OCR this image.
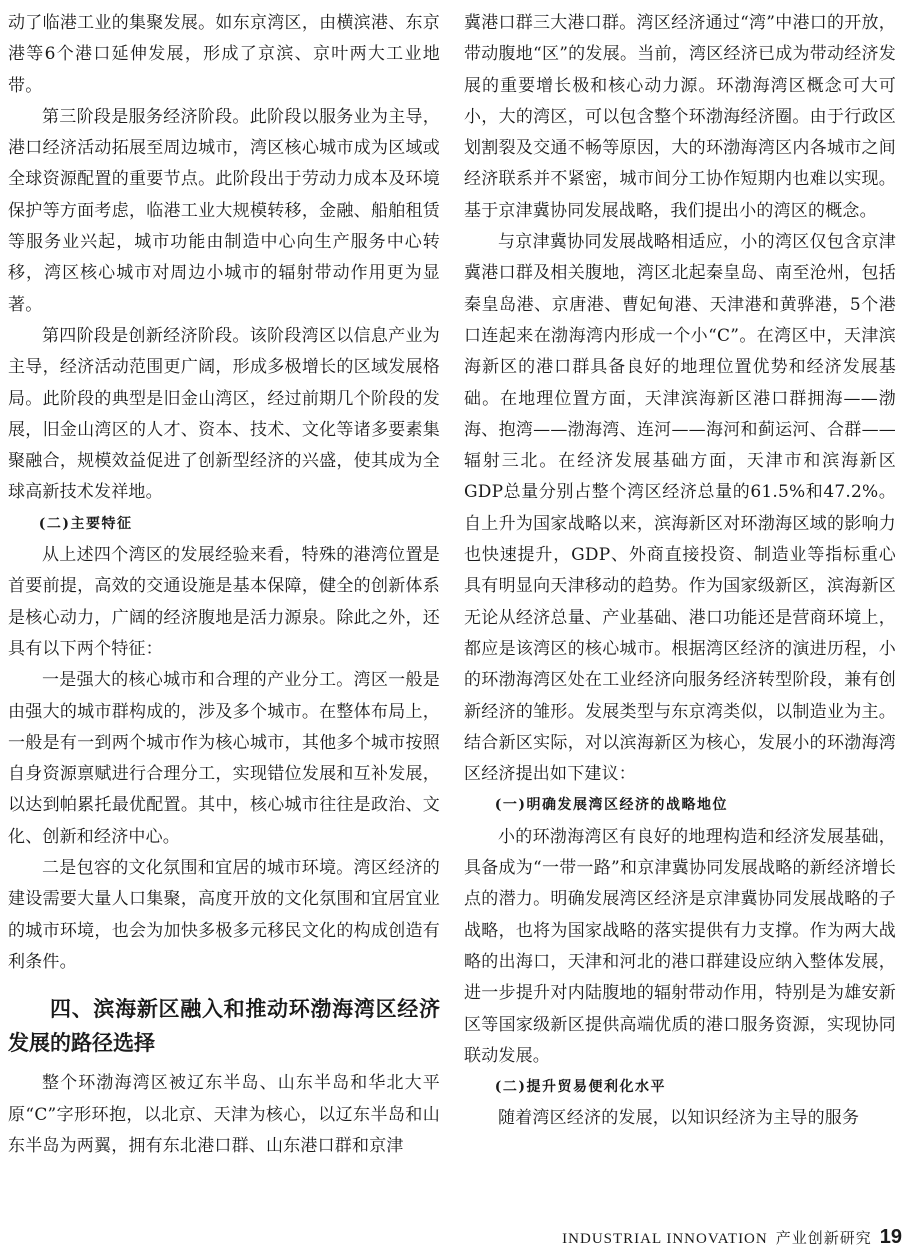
动了临港工业的集聚发展。如东京湾区，由横滨港、东京港等6个港口延伸发展，形成了京滨、京叶两大工业地带。

第三阶段是服务经济阶段。此阶段以服务业为主导，港口经济活动拓展至周边城市，湾区核心城市成为区域或全球资源配置的重要节点。此阶段出于劳动力成本及环境保护等方面考虑，临港工业大规模转移，金融、船舶租赁等服务业兴起，城市功能由制造中心向生产服务中心转移，湾区核心城市对周边小城市的辐射带动作用更为显著。

第四阶段是创新经济阶段。该阶段湾区以信息产业为主导，经济活动范围更广阔，形成多极增长的区域发展格局。此阶段的典型是旧金山湾区，经过前期几个阶段的发展，旧金山湾区的人才、资本、技术、文化等诸多要素集聚融合，规模效益促进了创新型经济的兴盛，使其成为全球高新技术发祥地。

(二)主要特征

从上述四个湾区的发展经验来看，特殊的港湾位置是首要前提，高效的交通设施是基本保障，健全的创新体系是核心动力，广阔的经济腹地是活力源泉。除此之外，还具有以下两个特征：

一是强大的核心城市和合理的产业分工。湾区一般是由强大的城市群构成的，涉及多个城市。在整体布局上，一般是有一到两个城市作为核心城市，其他多个城市按照自身资源禀赋进行合理分工，实现错位发展和互补发展，以达到帕累托最优配置。其中，核心城市往往是政治、文化、创新和经济中心。

二是包容的文化氛围和宜居的城市环境。湾区经济的建设需要大量人口集聚，高度开放的文化氛围和宜居宜业的城市环境，也会为加快多极多元移民文化的构成创造有利条件。

四、滨海新区融入和推动环渤海湾区经济发展的路径选择

整个环渤海湾区被辽东半岛、山东半岛和华北大平原“C”字形环抱，以北京、天津为核心，以辽东半岛和山东半岛为两翼，拥有东北港口群、山东港口群和京津

冀港口群三大港口群。湾区经济通过“湾”中港口的开放，带动腹地“区”的发展。当前，湾区经济已成为带动经济发展的重要增长极和核心动力源。环渤海湾区概念可大可小，大的湾区，可以包含整个环渤海经济圈。由于行政区划割裂及交通不畅等原因，大的环渤海湾区内各城市之间经济联系并不紧密，城市间分工协作短期内也难以实现。基于京津冀协同发展战略，我们提出小的湾区的概念。

与京津冀协同发展战略相适应，小的湾区仅包含京津冀港口群及相关腹地，湾区北起秦皇岛、南至沧州，包括秦皇岛港、京唐港、曹妃甸港、天津港和黄骅港，5个港口连起来在渤海湾内形成一个小“C”。在湾区中，天津滨海新区的港口群具备良好的地理位置优势和经济发展基础。在地理位置方面，天津滨海新区港口群拥海——渤海、抱湾——渤海湾、连河——海河和蓟运河、合群——辐射三北。在经济发展基础方面，天津市和滨海新区GDP总量分别占整个湾区经济总量的61.5%和47.2%。自上升为国家战略以来，滨海新区对环渤海区域的影响力也快速提升，GDP、外商直接投资、制造业等指标重心具有明显向天津移动的趋势。作为国家级新区，滨海新区无论从经济总量、产业基础、港口功能还是营商环境上，都应是该湾区的核心城市。根据湾区经济的演进历程，小的环渤海湾区处在工业经济向服务经济转型阶段，兼有创新经济的雏形。发展类型与东京湾类似，以制造业为主。结合新区实际，对以滨海新区为核心，发展小的环渤海湾区经济提出如下建议：

(一)明确发展湾区经济的战略地位

小的环渤海湾区有良好的地理构造和经济发展基础，具备成为“一带一路”和京津冀协同发展战略的新经济增长点的潜力。明确发展湾区经济是京津冀协同发展战略的子战略，也将为国家战略的落实提供有力支撑。作为两大战略的出海口，天津和河北的港口群建设应纳入整体发展，进一步提升对内陆腹地的辐射带动作用，特别是为雄安新区等国家级新区提供高端优质的港口服务资源，实现协同联动发展。

(二)提升贸易便利化水平

随着湾区经济的发展，以知识经济为主导的服务

INDUSTRIAL INNOVATION 产业创新研究 19
